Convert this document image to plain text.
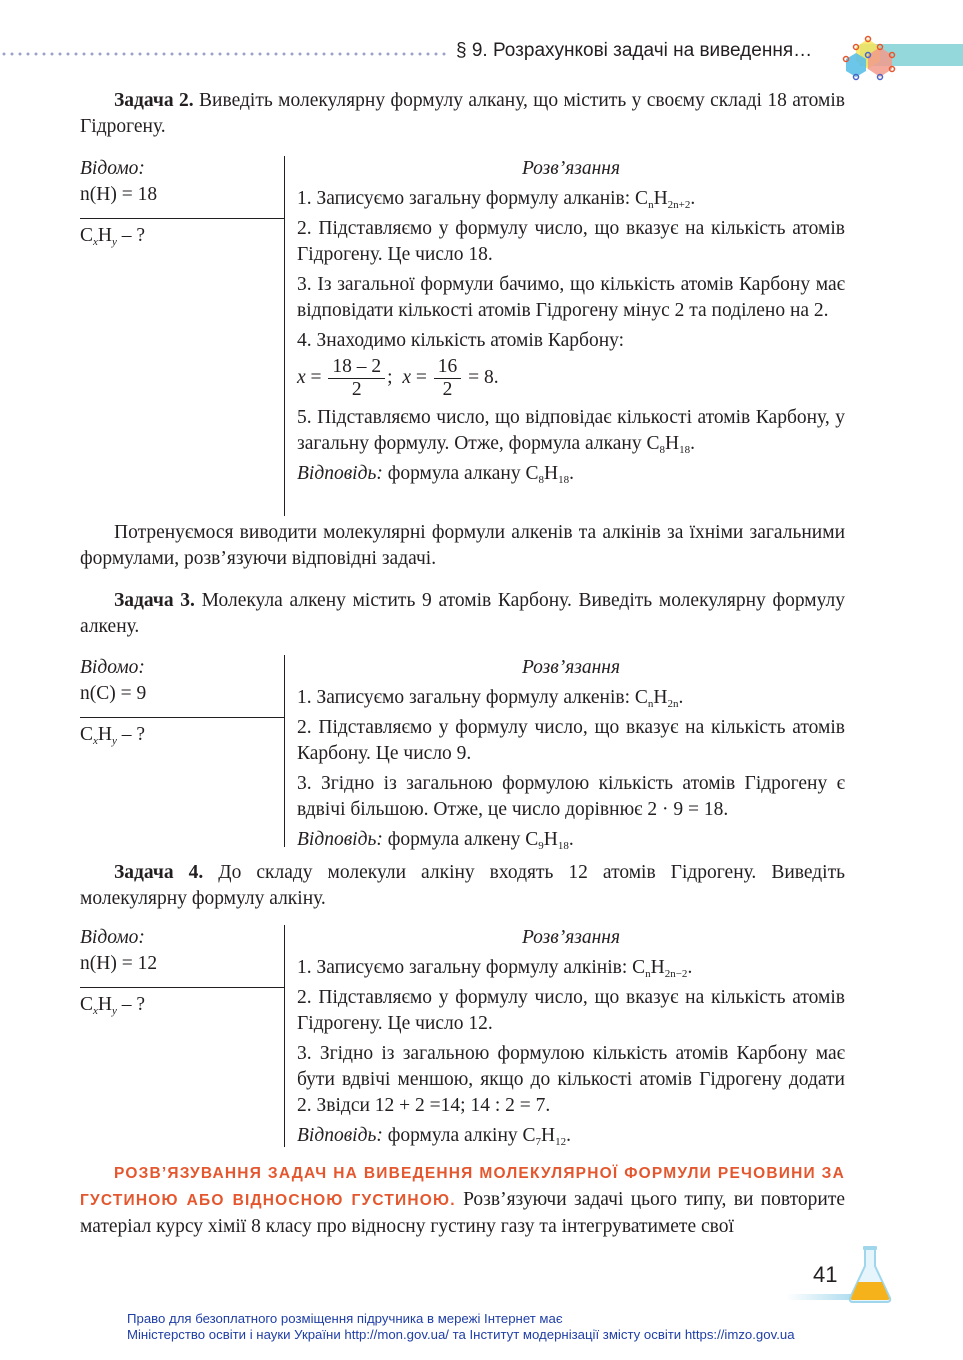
§ 9. Розрахункові задачі на виведення…
Задача 2. Виведіть молекулярну формулу алкану, що містить у своєму складі 18 атомів Гідрогену.
Відомо:
n(H) = 18
$C_xH_y$ – ?
Розв’язання
1. Записуємо загальну формулу алканів: $C_nH_{2n+2}$.
2. Підставляємо у формулу число, що вказує на кількість атомів Гідрогену. Це число 18.
3. Із загальної формули бачимо, що кількість атомів Карбону має відповідати кількості атомів Гідрогену мінус 2 та поділено на 2.
4. Знаходимо кількість атомів Карбону:
$x = \frac{18 - 2}{2}$ ;  $x = \frac{16}{2} = 8$.
5. Підставляємо число, що відповідає кількості атомів Карбону, у загальну формулу. Отже, формула алкану $C_8H_{18}$.
Відповідь: формула алкану $C_8H_{18}$.
Потренуємося виводити молекулярні формули алкенів та алкінів за їхніми загальними формулами, розв’язуючи відповідні задачі.
Задача 3. Молекула алкену містить 9 атомів Карбону. Виведіть молекулярну формулу алкену.
Відомо:
n(C) = 9
$C_xH_y$ – ?
Розв’язання
1. Записуємо загальну формулу алкенів: $C_nH_{2n}$.
2. Підставляємо у формулу число, що вказує на кількість атомів Карбону. Це число 9.
3. Згідно із загальною формулою кількість атомів Гідрогену є вдвічі більшою. Отже, це число дорівнює 2 · 9 = 18.
Відповідь: формула алкену $C_9H_{18}$.
Задача 4. До складу молекули алкіну входять 12 атомів Гідрогену. Виведіть молекулярну формулу алкіну.
Відомо:
n(H) = 12
$C_xH_y$ – ?
Розв’язання
1. Записуємо загальну формулу алкінів: $C_nH_{2n-2}$.
2. Підставляємо у формулу число, що вказує на кількість атомів Гідрогену. Це число 12.
3. Згідно із загальною формулою кількість атомів Карбону має бути вдвічі меншою, якщо до кількості атомів Гідрогену додати 2. Звідси 12 + 2 =14; 14 : 2 = 7.
Відповідь: формула алкіну $C_7H_{12}$.
РОЗВ’ЯЗУВАННЯ ЗАДАЧ НА ВИВЕДЕННЯ МОЛЕКУЛЯРНОЇ ФОРМУЛИ РЕЧОВИНИ ЗА ГУСТИНОЮ АБО ВІДНОСНОЮ ГУСТИНОЮ. Розв’язуючи задачі цього типу, ви повторите матеріал курсу хімії 8 класу про відносну густину газу та інтегруватимете свої
41
Право для безоплатного розміщення підручника в мережі Інтернет має
Міністерство освіти і науки України http://mon.gov.ua/ та Інститут модернізації змісту освіти https://imzo.gov.ua
